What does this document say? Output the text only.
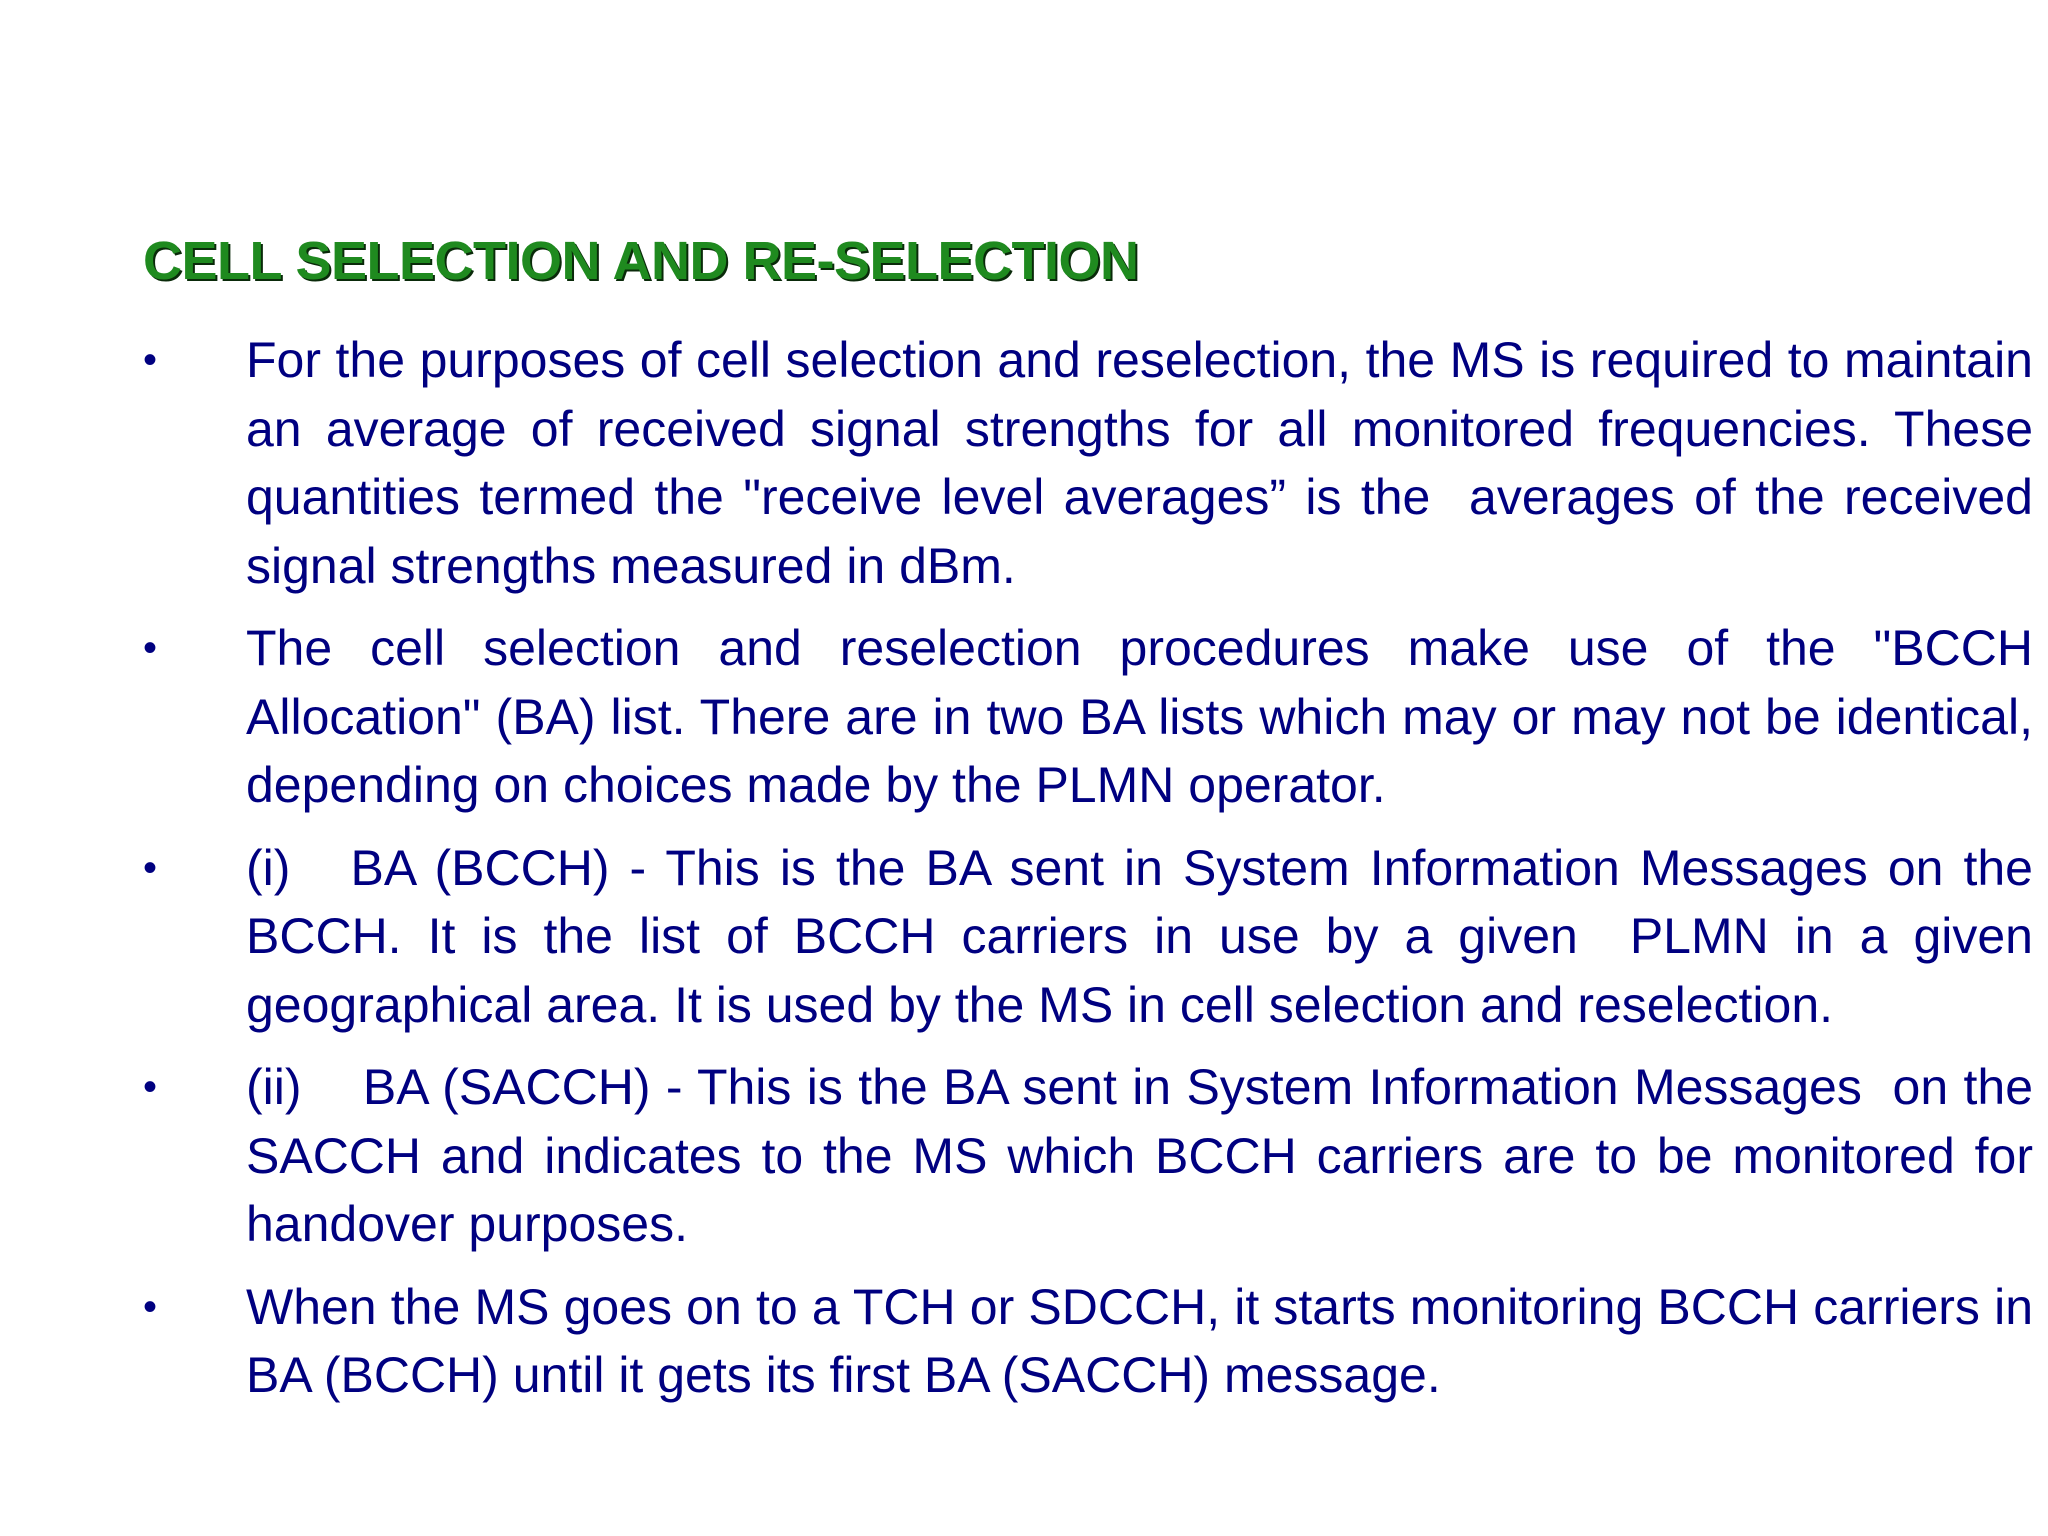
CELL SELECTION AND RE-SELECTION
• For the purposes of cell selection and reselection, the MS is required to maintain an average of received signal strengths for all monitored frequencies. These quantities termed the "receive level averages” is the  averages of the received signal strengths measured in dBm.
• The cell selection and reselection procedures make use of the "BCCH Allocation" (BA) list. There are in two BA lists which may or may not be identical, depending on choices made by the PLMN operator.
• (i)   BA (BCCH) - This is the BA sent in System Information Messages on the BCCH. It is the list of BCCH carriers in use by a given  PLMN in a given geographical area. It is used by the MS in cell selection and reselection.
• (ii)    BA (SACCH) - This is the BA sent in System Information Messages  on the SACCH and indicates to the MS which BCCH carriers are to be monitored for handover purposes.
• When the MS goes on to a TCH or SDCCH, it starts monitoring BCCH carriers in BA (BCCH) until it gets its first BA (SACCH) message.
